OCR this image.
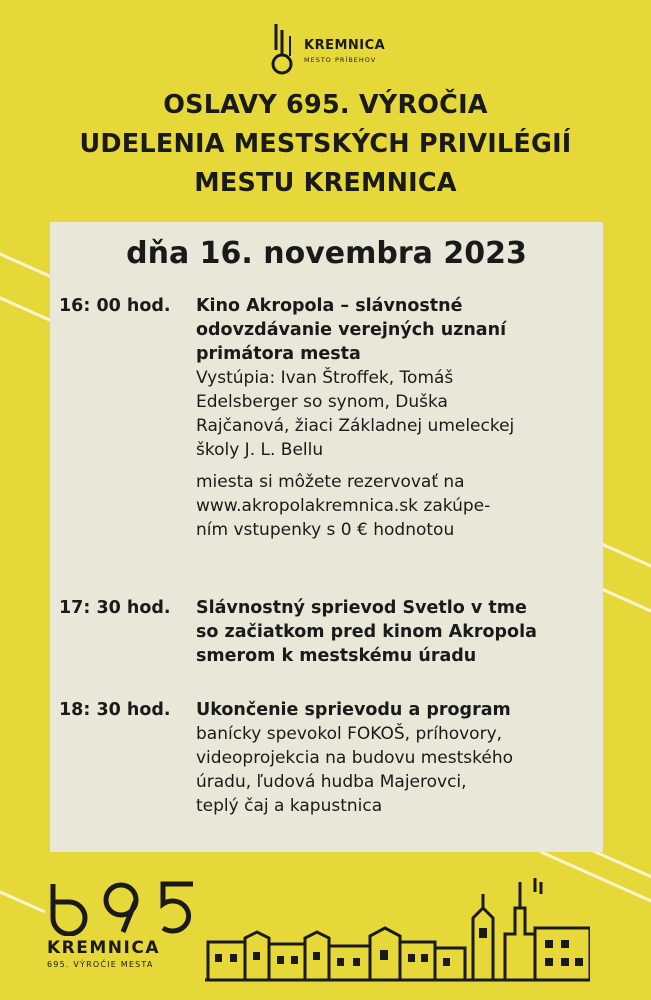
KREMNICA
MESTO PRÍBEHOV
OSLAVY 695. VÝROČIA
UDELENIA MESTSKÝCH PRIVILÉGIÍ
MESTU KREMNICA
dňa 16. novembra 2023
16: 00 hod.	Kino Akropola – slávnostné
odovzdávanie verejných uznaní
primátora mesta
Vystúpia: Ivan Štroffek, Tomáš
Edelsberger so synom, Duška
Rajčanová, žiaci Základnej umeleckej
školy J. L. Bellu
miesta si môžete rezervovať na
www.akropolakremnica.sk zakúpe-
ním vstupenky s 0 € hodnotou
17: 30 hod.	Slávnostný sprievod Svetlo v tme
so začiatkom pred kinom Akropola
smerom k mestskému úradu
18: 30 hod.	Ukončenie sprievodu a program
banícky spevokol FOKOŠ, príhovory,
videoprojekcia na budovu mestského
úradu, ľudová hudba Majerovci,
teplý čaj a kapustnica
KREMNICA
695. VÝROČIE MESTA
